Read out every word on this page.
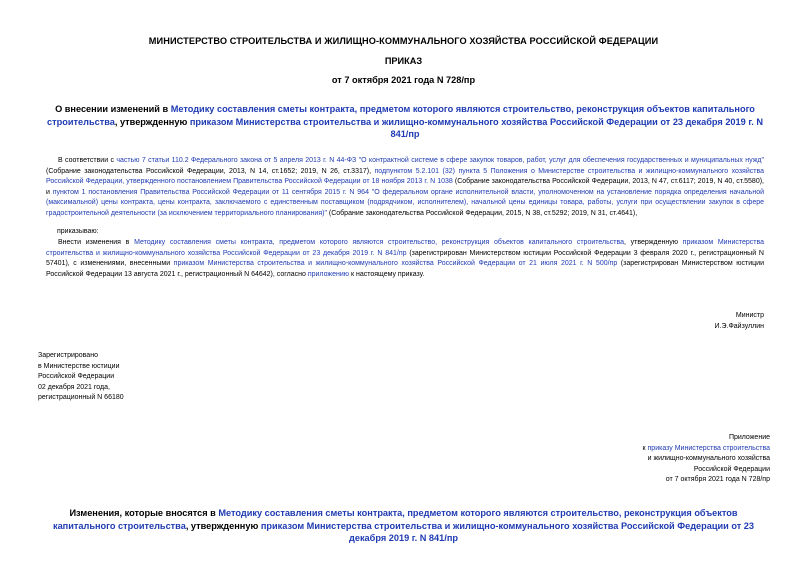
МИНИСТЕРСТВО СТРОИТЕЛЬСТВА И ЖИЛИЩНО-КОММУНАЛЬНОГО ХОЗЯЙСТВА РОССИЙСКОЙ ФЕДЕРАЦИИ
ПРИКАЗ
от 7 октября 2021 года N 728/пр
О внесении изменений в Методику составления сметы контракта, предметом которого являются строительство, реконструкция объектов капитального строительства, утвержденную приказом Министерства строительства и жилищно-коммунального хозяйства Российской Федерации от 23 декабря 2019 г. N 841/пр
В соответствии с частью 7 статьи 110.2 Федерального закона от 5 апреля 2013 г. N 44-ФЗ "О контрактной системе в сфере закупок товаров, работ, услуг для обеспечения государственных и муниципальных нужд" (Собрание законодательства Российской Федерации, 2013, N 14, ст.1652; 2019, N 26, ст.3317), подпунктом 5.2.101 (32) пункта 5 Положения о Министерстве строительства и жилищно-коммунального хозяйства Российской Федерации, утвержденного постановлением Правительства Российской Федерации от 18 ноября 2013 г. N 1038 (Собрание законодательства Российской Федерации, 2013, N 47, ст.6117; 2019, N 40, ст.5580), и пунктом 1 постановления Правительства Российской Федерации от 11 сентября 2015 г. N 964 "О федеральном органе исполнительной власти, уполномоченном на установление порядка определения начальной (максимальной) цены контракта, цены контракта, заключаемого с единственным поставщиком (подрядчиком, исполнителем), начальной цены единицы товара, работы, услуги при осуществлении закупок в сфере градостроительной деятельности (за исключением территориального планирования)" (Собрание законодательства Российской Федерации, 2015, N 38, ст.5292; 2019, N 31, ст.4641),
приказываю:
Внести изменения в Методику составления сметы контракта, предметом которого являются строительство, реконструкция объектов капитального строительства, утвержденную приказом Министерства строительства и жилищно-коммунального хозяйства Российской Федерации от 23 декабря 2019 г. N 841/пр (зарегистрирован Министерством юстиции Российской Федерации 3 февраля 2020 г., регистрационный N 57401), с изменениями, внесенными приказом Министерства строительства и жилищно-коммунального хозяйства Российской Федерации от 21 июля 2021 г. N 500/пр (зарегистрирован Министерством юстиции Российской Федерации 13 августа 2021 г., регистрационный N 64642), согласно приложению к настоящему приказу.
Министр
И.Э.Файзуллин
Зарегистрировано
в Министерстве юстиции
Российской Федерации
02 декабря 2021 года,
регистрационный N 66180
Приложение
к приказу Министерства строительства
и жилищно-коммунального хозяйства
Российской Федерации
от 7 октября 2021 года N 728/пр
Изменения, которые вносятся в Методику составления сметы контракта, предметом которого являются строительство, реконструкция объектов капитального строительства, утвержденную приказом Министерства строительства и жилищно-коммунального хозяйства Российской Федерации от 23 декабря 2019 г. N 841/пр
